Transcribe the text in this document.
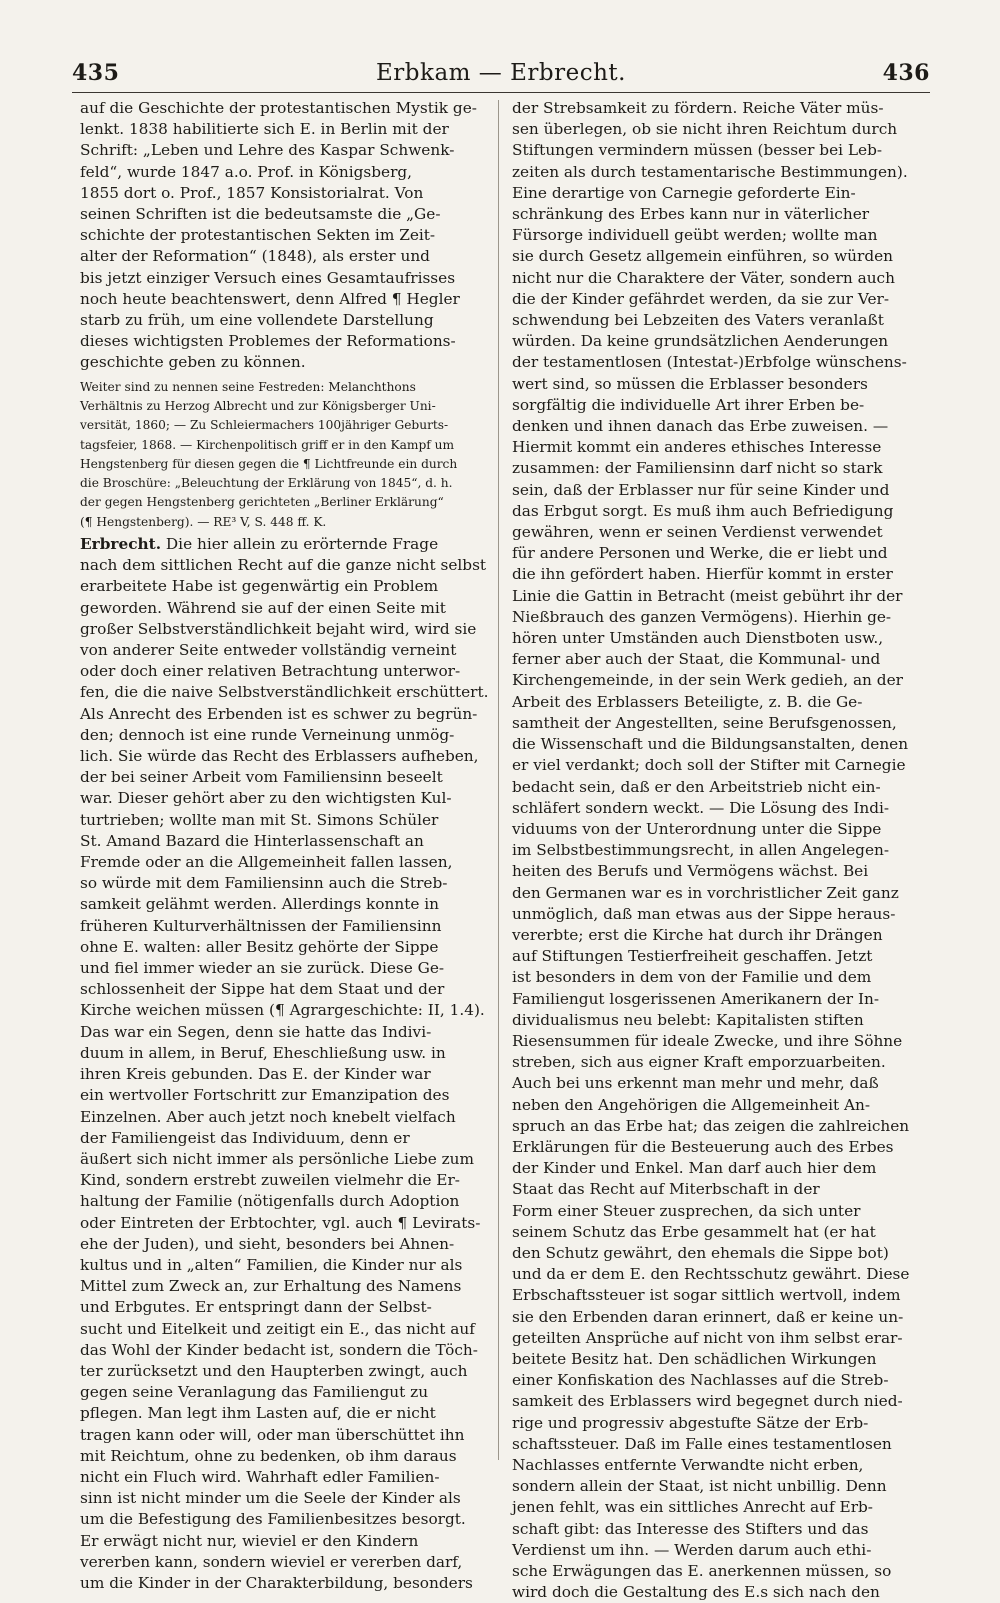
435	Erbkam — Erbrecht.	436
auf die Geschichte der protestantischen Mystik ge-
lenkt. 1838 habilitierte sich E. in Berlin mit der
Schrift: „Leben und Lehre des Kaspar Schwenk-
feld“, wurde 1847 a.o. Prof. in Königsberg,
1855 dort o. Prof., 1857 Konsistorialrat. Von
seinen Schriften ist die bedeutsamste die „Ge-
schichte der protestantischen Sekten im Zeit-
alter der Reformation“ (1848), als erster und
bis jetzt einziger Versuch eines Gesamtaufrisses
noch heute beachtenswert, denn Alfred ¶ Hegler
starb zu früh, um eine vollendete Darstellung
dieses wichtigsten Problemes der Reformations-
geschichte geben zu können.
Weiter sind zu nennen seine Festreden: Melanchthons
Verhältnis zu Herzog Albrecht und zur Königsberger Uni-
versität, 1860; — Zu Schleiermachers 100jähriger Geburts-
tagsfeier, 1868. — Kirchenpolitisch griff er in den Kampf um
Hengstenberg für diesen gegen die ¶ Lichtfreunde ein durch
die Broschüre: „Beleuchtung der Erklärung von 1845“, d. h.
der gegen Hengstenberg gerichteten „Berliner Erklärung“
(¶ Hengstenberg). — RE³ V, S. 448 ff. K.
Erbrecht. Die hier allein zu erörternde Frage
nach dem sittlichen Recht auf die ganze nicht selbst
erarbeitete Habe ist gegenwärtig ein Problem
geworden. Während sie auf der einen Seite mit
großer Selbstverständlichkeit bejaht wird, wird sie
von anderer Seite entweder vollständig verneint
oder doch einer relativen Betrachtung unterwor-
fen, die die naive Selbstverständlichkeit erschüttert.
Als Anrecht des Erbenden ist es schwer zu begrün-
den; dennoch ist eine runde Verneinung unmög-
lich. Sie würde das Recht des Erblassers aufheben,
der bei seiner Arbeit vom Familiensinn beseelt
war. Dieser gehört aber zu den wichtigsten Kul-
turtrieben; wollte man mit St. Simons Schüler
St. Amand Bazard die Hinterlassenschaft an
Fremde oder an die Allgemeinheit fallen lassen,
so würde mit dem Familiensinn auch die Streb-
samkeit gelähmt werden. Allerdings konnte in
früheren Kulturverhältnissen der Familiensinn
ohne E. walten: aller Besitz gehörte der Sippe
und fiel immer wieder an sie zurück. Diese Ge-
schlossenheit der Sippe hat dem Staat und der
Kirche weichen müssen (¶ Agrargeschichte: II, 1.4).
Das war ein Segen, denn sie hatte das Indivi-
duum in allem, in Beruf, Eheschließung usw. in
ihren Kreis gebunden. Das E. der Kinder war
ein wertvoller Fortschritt zur Emanzipation des
Einzelnen. Aber auch jetzt noch knebelt vielfach
der Familiengeist das Individuum, denn er
äußert sich nicht immer als persönliche Liebe zum
Kind, sondern erstrebt zuweilen vielmehr die Er-
haltung der Familie (nötigenfalls durch Adoption
oder Eintreten der Erbtochter, vgl. auch ¶ Levirats-
ehe der Juden), und sieht, besonders bei Ahnen-
kultus und in „alten“ Familien, die Kinder nur als
Mittel zum Zweck an, zur Erhaltung des Namens
und Erbgutes. Er entspringt dann der Selbst-
sucht und Eitelkeit und zeitigt ein E., das nicht auf
das Wohl der Kinder bedacht ist, sondern die Töch-
ter zurücksetzt und den Haupterben zwingt, auch
gegen seine Veranlagung das Familiengut zu
pflegen. Man legt ihm Lasten auf, die er nicht
tragen kann oder will, oder man überschüttet ihn
mit Reichtum, ohne zu bedenken, ob ihm daraus
nicht ein Fluch wird. Wahrhaft edler Familien-
sinn ist nicht minder um die Seele der Kinder als
um die Befestigung des Familienbesitzes besorgt.
Er erwägt nicht nur, wieviel er den Kindern
vererben kann, sondern wieviel er vererben darf,
um die Kinder in der Charakterbildung, besonders
der Strebsamkeit zu fördern. Reiche Väter müs-
sen überlegen, ob sie nicht ihren Reichtum durch
Stiftungen vermindern müssen (besser bei Leb-
zeiten als durch testamentarische Bestimmungen).
Eine derartige von Carnegie geforderte Ein-
schränkung des Erbes kann nur in väterlicher
Fürsorge individuell geübt werden; wollte man
sie durch Gesetz allgemein einführen, so würden
nicht nur die Charaktere der Väter, sondern auch
die der Kinder gefährdet werden, da sie zur Ver-
schwendung bei Lebzeiten des Vaters veranlaßt
würden. Da keine grundsätzlichen Aenderungen
der testamentlosen (Intestat-)Erbfolge wünschens-
wert sind, so müssen die Erblasser besonders
sorgfältig die individuelle Art ihrer Erben be-
denken und ihnen danach das Erbe zuweisen. —
Hiermit kommt ein anderes ethisches Interesse
zusammen: der Familiensinn darf nicht so stark
sein, daß der Erblasser nur für seine Kinder und
das Erbgut sorgt. Es muß ihm auch Befriedigung
gewähren, wenn er seinen Verdienst verwendet
für andere Personen und Werke, die er liebt und
die ihn gefördert haben. Hierfür kommt in erster
Linie die Gattin in Betracht (meist gebührt ihr der
Nießbrauch des ganzen Vermögens). Hierhin ge-
hören unter Umständen auch Dienstboten usw.,
ferner aber auch der Staat, die Kommunal- und
Kirchengemeinde, in der sein Werk gedieh, an der
Arbeit des Erblassers Beteiligte, z. B. die Ge-
samtheit der Angestellten, seine Berufsgenossen,
die Wissenschaft und die Bildungsanstalten, denen
er viel verdankt; doch soll der Stifter mit Carnegie
bedacht sein, daß er den Arbeitstrieb nicht ein-
schläfert sondern weckt. — Die Lösung des Indi-
viduums von der Unterordnung unter die Sippe
im Selbstbestimmungsrecht, in allen Angelegen-
heiten des Berufs und Vermögens wächst. Bei
den Germanen war es in vorchristlicher Zeit ganz
unmöglich, daß man etwas aus der Sippe heraus-
vererbte; erst die Kirche hat durch ihr Drängen
auf Stiftungen Testierfreiheit geschaffen. Jetzt
ist besonders in dem von der Familie und dem
Familiengut losgerissenen Amerikanern der In-
dividualismus neu belebt: Kapitalisten stiften
Riesensummen für ideale Zwecke, und ihre Söhne
streben, sich aus eigner Kraft emporzuarbeiten.
Auch bei uns erkennt man mehr und mehr, daß
neben den Angehörigen die Allgemeinheit An-
spruch an das Erbe hat; das zeigen die zahlreichen
Erklärungen für die Besteuerung auch des Erbes
der Kinder und Enkel. Man darf auch hier dem
Staat das Recht auf Miterbschaft in der
Form einer Steuer zusprechen, da sich unter
seinem Schutz das Erbe gesammelt hat (er hat
den Schutz gewährt, den ehemals die Sippe bot)
und da er dem E. den Rechtsschutz gewährt. Diese
Erbschaftssteuer ist sogar sittlich wertvoll, indem
sie den Erbenden daran erinnert, daß er keine un-
geteilten Ansprüche auf nicht von ihm selbst erar-
beitete Besitz hat. Den schädlichen Wirkungen
einer Konfiskation des Nachlasses auf die Streb-
samkeit des Erblassers wird begegnet durch nied-
rige und progressiv abgestufte Sätze der Erb-
schaftssteuer. Daß im Falle eines testamentlosen
Nachlasses entfernte Verwandte nicht erben,
sondern allein der Staat, ist nicht unbillig. Denn
jenen fehlt, was ein sittliches Anrecht auf Erb-
schaft gibt: das Interesse des Stifters und das
Verdienst um ihn. — Werden darum auch ethi-
sche Erwägungen das E. anerkennen müssen, so
wird doch die Gestaltung des E.s sich nach den
